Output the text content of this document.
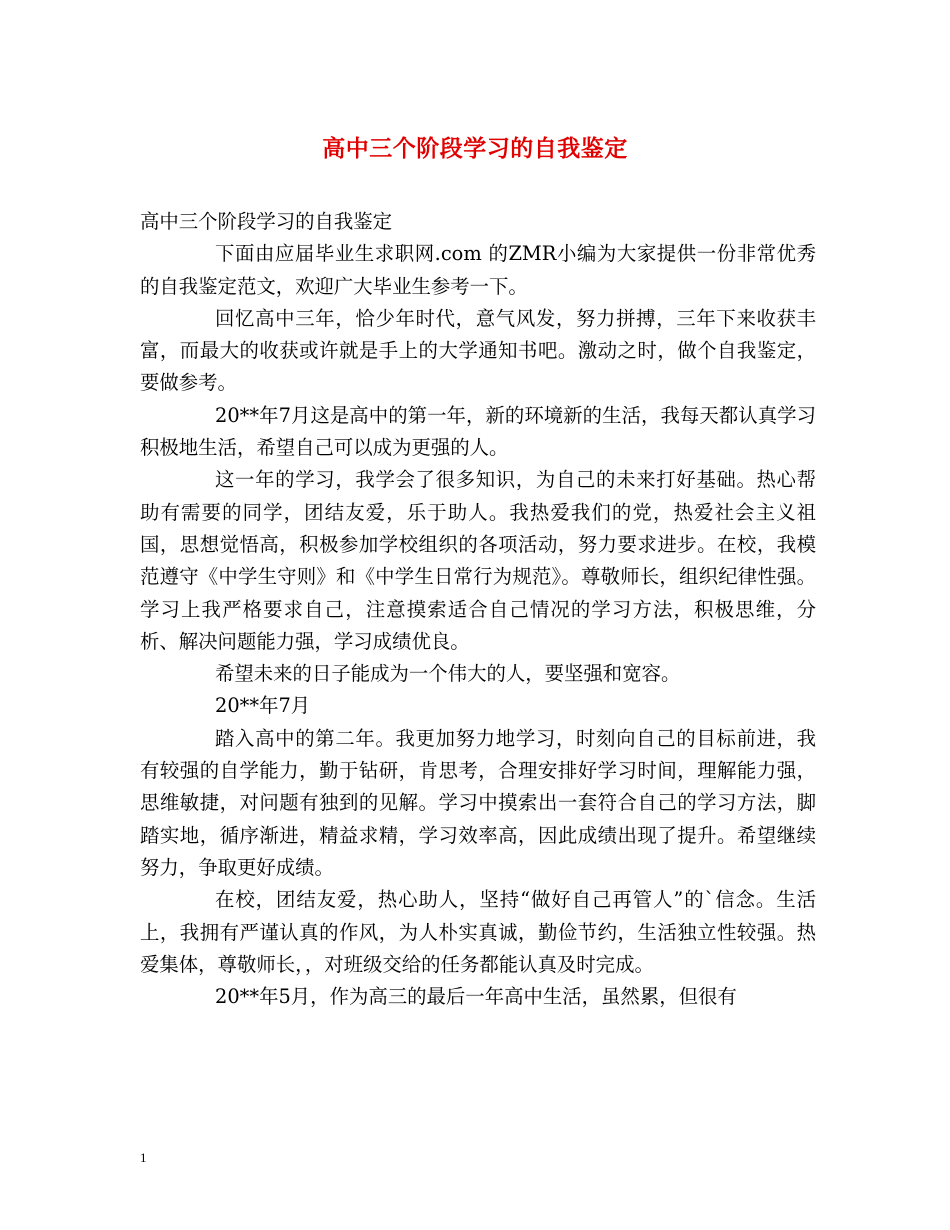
高中三个阶段学习的自我鉴定

高中三个阶段学习的自我鉴定

下面由应届毕业生求职网.com 的ZMR小编为大家提供一份非常优秀的自我鉴定范文，欢迎广大毕业生参考一下。

回忆高中三年，恰少年时代，意气风发，努力拼搏，三年下来收获丰富，而最大的收获或许就是手上的大学通知书吧。激动之时，做个自我鉴定，要做参考。

20**年7月这是高中的第一年，新的环境新的生活，我每天都认真学习积极地生活，希望自己可以成为更强的人。

这一年的学习，我学会了很多知识，为自己的未来打好基础。热心帮助有需要的同学，团结友爱，乐于助人。我热爱我们的党，热爱社会主义祖国，思想觉悟高，积极参加学校组织的各项活动，努力要求进步。在校，我模范遵守《中学生守则》和《中学生日常行为规范》。尊敬师长，组织纪律性强。学习上我严格要求自己，注意摸索适合自己情况的学习方法，积极思维，分析、解决问题能力强，学习成绩优良。

希望未来的日子能成为一个伟大的人，要坚强和宽容。

20**年7月

踏入高中的第二年。我更加努力地学习，时刻向自己的目标前进，我有较强的自学能力，勤于钻研，肯思考，合理安排好学习时间，理解能力强，思维敏捷，对问题有独到的见解。学习中摸索出一套符合自己的学习方法，脚踏实地，循序渐进，精益求精，学习效率高，因此成绩出现了提升。希望继续努力，争取更好成绩。

在校，团结友爱，热心助人，坚持“做好自己再管人”的`信念。生活上，我拥有严谨认真的作风，为人朴实真诚，勤俭节约，生活独立性较强。热爱集体，尊敬师长，，对班级交给的任务都能认真及时完成。

20**年5月，作为高三的最后一年高中生活，虽然累，但很有

1
